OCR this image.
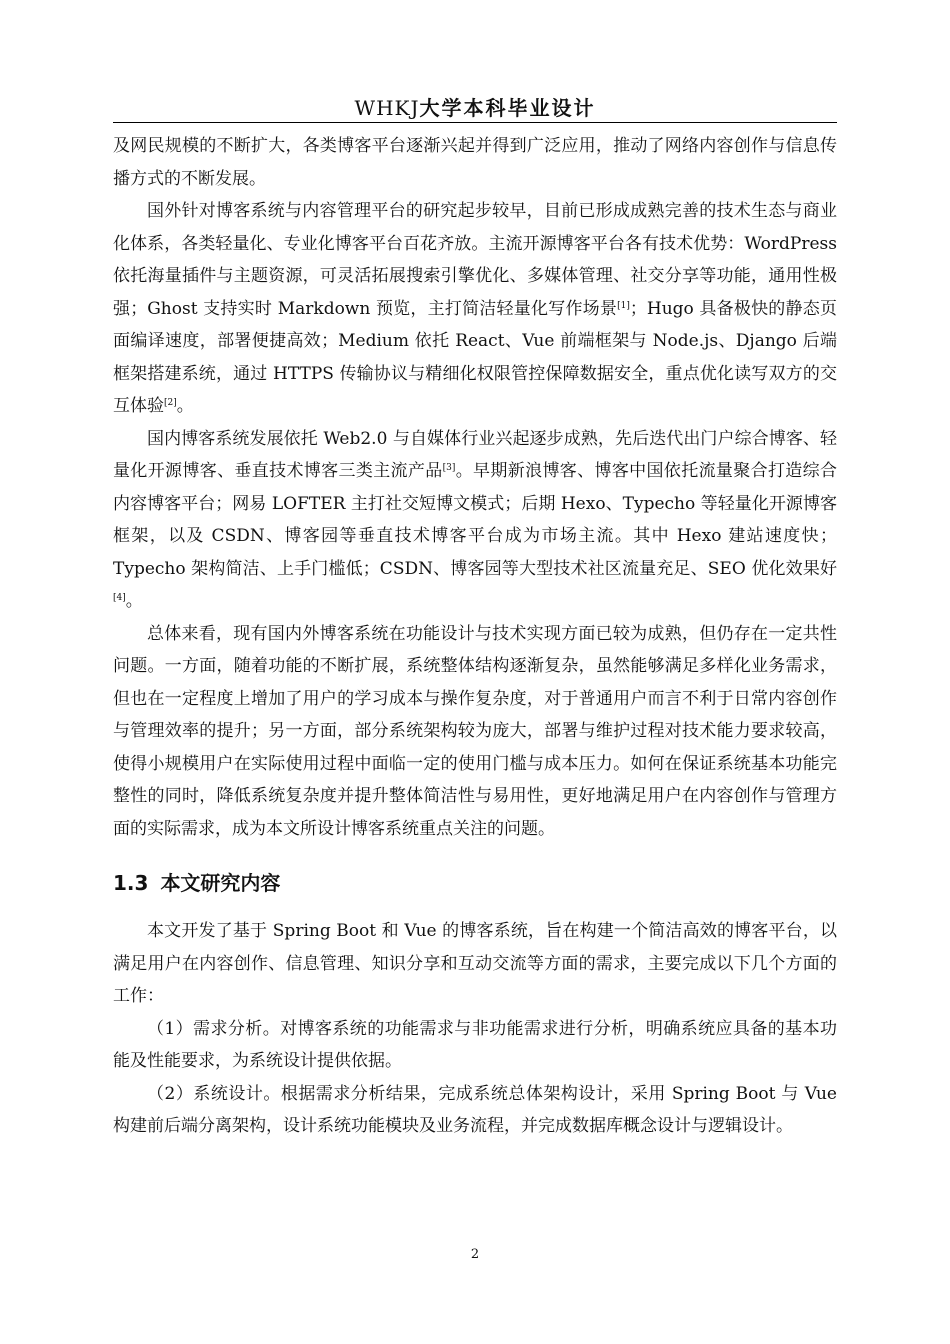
WHKJ大学本科毕业设计

及网民规模的不断扩大，各类博客平台逐渐兴起并得到广泛应用，推动了网络内容创作与信息传播方式的不断发展。

国外针对博客系统与内容管理平台的研究起步较早，目前已形成成熟完善的技术生态与商业化体系，各类轻量化、专业化博客平台百花齐放。主流开源博客平台各有技术优势：WordPress 依托海量插件与主题资源，可灵活拓展搜索引擎优化、多媒体管理、社交分享等功能，通用性极强；Ghost 支持实时 Markdown 预览，主打简洁轻量化写作场景[1]；Hugo 具备极快的静态页面编译速度，部署便捷高效；Medium 依托 React、Vue 前端框架与 Node.js、Django 后端框架搭建系统，通过 HTTPS 传输协议与精细化权限管控保障数据安全，重点优化读写双方的交互体验[2]。

国内博客系统发展依托 Web2.0 与自媒体行业兴起逐步成熟，先后迭代出门户综合博客、轻量化开源博客、垂直技术博客三类主流产品[3]。早期新浪博客、博客中国依托流量聚合打造综合内容博客平台；网易 LOFTER 主打社交短博文模式；后期 Hexo、Typecho 等轻量化开源博客框架，以及 CSDN、博客园等垂直技术博客平台成为市场主流。其中 Hexo 建站速度快；Typecho 架构简洁、上手门槛低；CSDN、博客园等大型技术社区流量充足、SEO 优化效果好[4]。

总体来看，现有国内外博客系统在功能设计与技术实现方面已较为成熟，但仍存在一定共性问题。一方面，随着功能的不断扩展，系统整体结构逐渐复杂，虽然能够满足多样化业务需求，但也在一定程度上增加了用户的学习成本与操作复杂度，对于普通用户而言不利于日常内容创作与管理效率的提升；另一方面，部分系统架构较为庞大，部署与维护过程对技术能力要求较高，使得小规模用户在实际使用过程中面临一定的使用门槛与成本压力。如何在保证系统基本功能完整性的同时，降低系统复杂度并提升整体简洁性与易用性，更好地满足用户在内容创作与管理方面的实际需求，成为本文所设计博客系统重点关注的问题。

1.3 本文研究内容

本文开发了基于 Spring Boot 和 Vue 的博客系统，旨在构建一个简洁高效的博客平台，以满足用户在内容创作、信息管理、知识分享和互动交流等方面的需求，主要完成以下几个方面的工作：

（1）需求分析。对博客系统的功能需求与非功能需求进行分析，明确系统应具备的基本功能及性能要求，为系统设计提供依据。

（2）系统设计。根据需求分析结果，完成系统总体架构设计，采用 Spring Boot 与 Vue 构建前后端分离架构，设计系统功能模块及业务流程，并完成数据库概念设计与逻辑设计。

2
